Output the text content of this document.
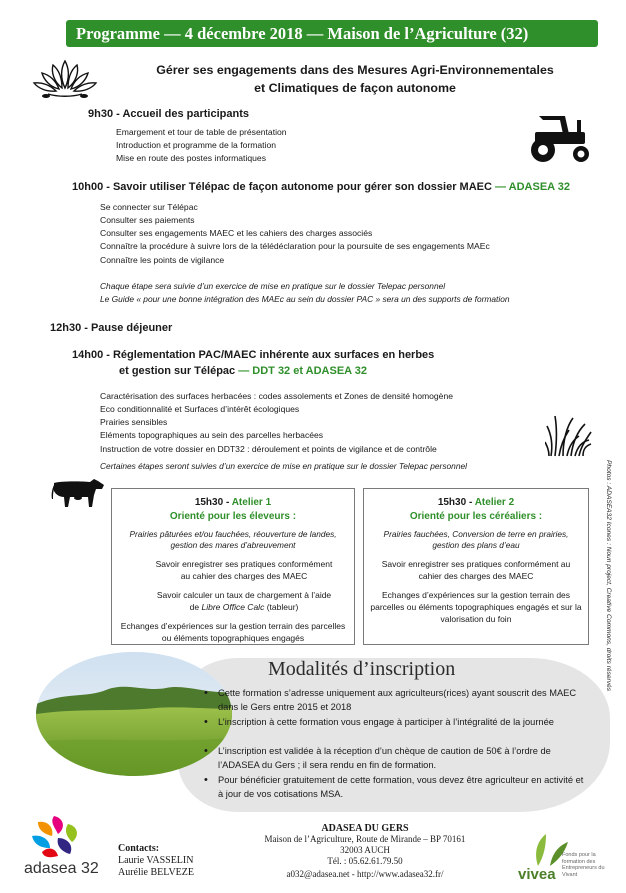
Programme — 4 décembre 2018 — Maison de l’Agriculture (32)
Gérer ses engagements dans des Mesures Agri-Environnementales
et Climatiques de façon autonome
9h30 - Accueil des participants
Emargement et tour de table de présentation
Introduction et programme de la formation
Mise en route des postes informatiques
10h00 - Savoir utiliser Télépac de façon autonome pour gérer son dossier MAEC — ADASEA 32
Se connecter sur Télépac
Consulter ses paiements
Consulter ses engagements MAEC et les cahiers des charges associés
Connaître la procédure à suivre lors de la télédéclaration pour la poursuite de ses engagements MAEc
Connaître les points de vigilance
Chaque étape sera suivie d’un exercice de mise en pratique sur le dossier Telepac personnel
Le Guide « pour une bonne intégration des MAEc au sein du dossier PAC » sera un des supports de formation
12h30 - Pause déjeuner
14h00 - Réglementation PAC/MAEC inhérente aux surfaces en herbes
et gestion sur Télépac — DDT 32 et ADASEA 32
Caractérisation des surfaces herbacées : codes assolements et Zones de densité homogène
Eco conditionnalité et Surfaces d’intérêt écologiques
Prairies sensibles
Eléments topographiques au sein des parcelles herbacées
Instruction de votre dossier en DDT32 : déroulement et points de vigilance et de contrôle
Certaines étapes seront suivies d’un exercice de mise en pratique sur le dossier Telepac personnel
15h30 - Atelier 1
Orienté pour les éleveurs :
Prairies pâturées et/ou fauchées, réouverture de landes, gestion des mares d’abreuvement
Savoir enregistrer ses pratiques conformément au cahier des charges des MAEC
Savoir calculer un taux de chargement à l’aide de Libre Office Calc (tableur)
Echanges d’expériences sur la gestion terrain des parcelles ou éléments topographiques engagés
15h30 - Atelier 2
Orienté pour les céréaliers :
Prairies fauchées, Conversion de terre en prairies, gestion des plans d’eau
Savoir enregistrer ses pratiques conformément au cahier des charges des MAEC
Echanges d’expériences sur la gestion terrain des parcelles ou éléments topographiques engagés et sur la valorisation du foin	Photos : ADASEA32 Icones : Noun project, Creative Commons, droits réservés
Modalités d’inscription
• Cette formation s’adresse uniquement aux agriculteurs(rices) ayant souscrit des MAEC dans le Gers entre 2015 et 2018
• L’inscription à cette formation vous engage à participer à l’intégralité de la journée
• L’inscription est validée à la réception d’un chèque de caution de 50€ à l’ordre de l’ADASEA du Gers ; il sera rendu en fin de formation.
• Pour bénéficier gratuitement de cette formation, vous devez être agriculteur en activité et à jour de vos cotisations MSA.
adasea 32
Contacts:
Laurie VASSELIN
Aurélie BELVEZE
ADASEA DU GERS
Maison de l’Agriculture, Route de Mirande – BP 70161
32003 AUCH
Tél. : 05.62.61.79.50
a032@adasea.net - http://www.adasea32.fr/	vivea
Fonds pour la formation des Entrepreneurs du Vivant
